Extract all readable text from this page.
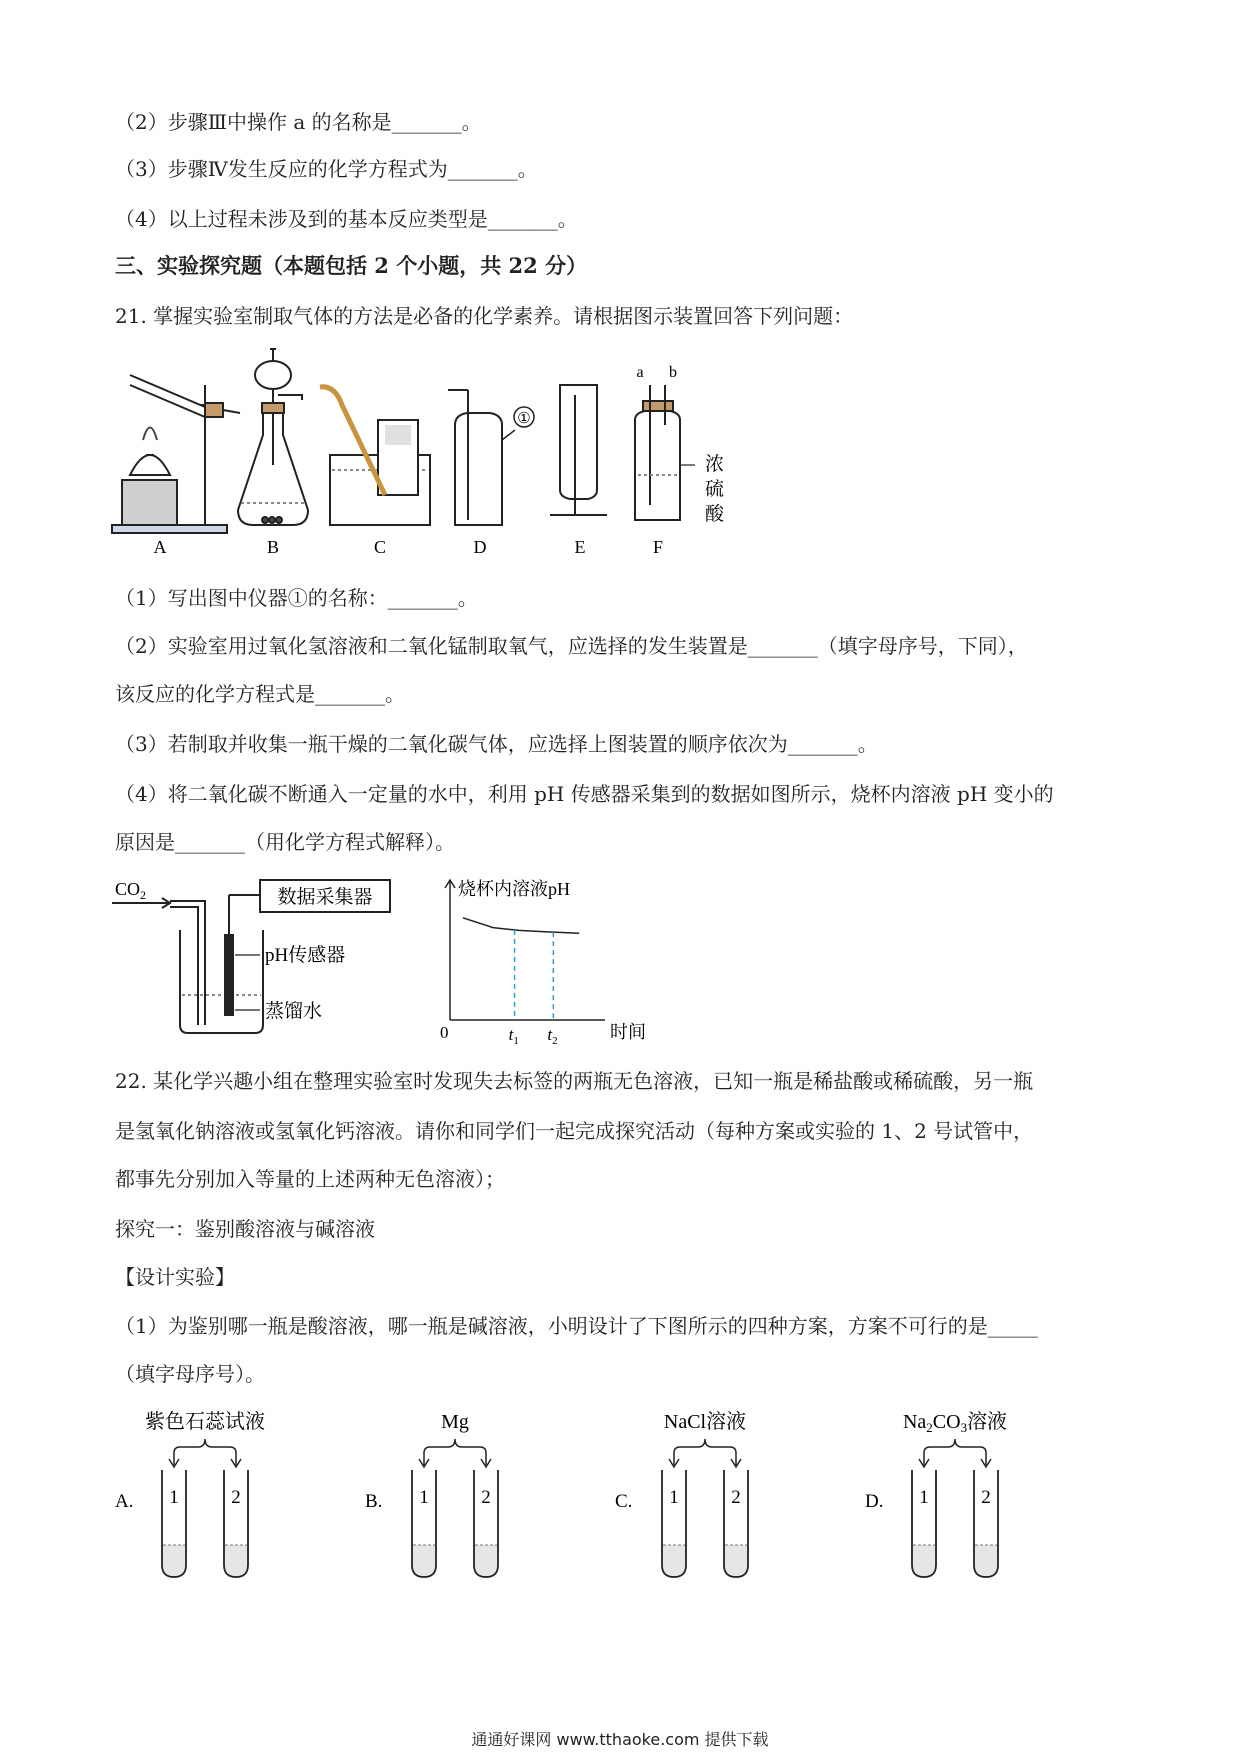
（2）步骤Ⅲ中操作 a 的名称是_______。
（3）步骤Ⅳ发生反应的化学方程式为_______。
（4）以上过程未涉及到的基本反应类型是_______。
三、实验探究题（本题包括 2 个小题，共 22 分）
21. 掌握实验室制取气体的方法是必备的化学素养。请根据图示装置回答下列问题：
A	B	C	D	E	F
①
a b
浓
硫
酸
（1）写出图中仪器①的名称：_______。
（2）实验室用过氧化氢溶液和二氧化锰制取氧气，应选择的发生装置是_______（填字母序号，下同），
该反应的化学方程式是_______。
（3）若制取并收集一瓶干燥的二氧化碳气体，应选择上图装置的顺序依次为_______。
（4）将二氧化碳不断通入一定量的水中，利用 pH 传感器采集到的数据如图所示，烧杯内溶液 pH 变小的
原因是_______（用化学方程式解释）。
$CO_2$	数据采集器
pH传感器
蒸馏水
$t_1$ $t_2$
烧杯内溶液pH
0	时间
22. 某化学兴趣小组在整理实验室时发现失去标签的两瓶无色溶液，已知一瓶是稀盐酸或稀硫酸，另一瓶
是氢氧化钠溶液或氢氧化钙溶液。请你和同学们一起完成探究活动（每种方案或实验的 1、2 号试管中，
都事先分别加入等量的上述两种无色溶液）；
探究一：鉴别酸溶液与碱溶液
【设计实验】
（1）为鉴别哪一瓶是酸溶液，哪一瓶是碱溶液，小明设计了下图所示的四种方案，方案不可行的是_____
（填字母序号）。
A.
紫色石蕊试液
1	2	B.
Mg
1	2	C.
NaCl溶液
1	2	D.
$Na_2CO_3$溶液
1	2
通通好课网 www.tthaoke.com 提供下载
